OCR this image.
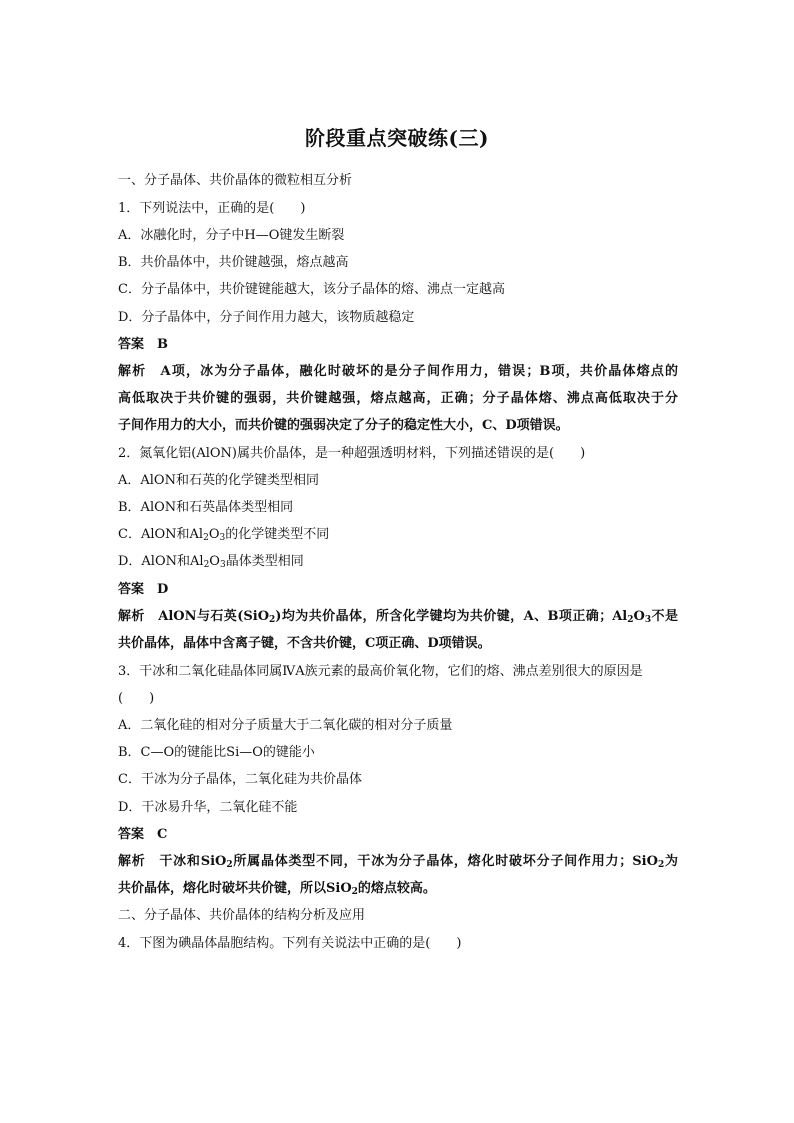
阶段重点突破练(三)
一、分子晶体、共价晶体的微粒相互分析
1．下列说法中，正确的是(　　)
A．冰融化时，分子中H—O键发生断裂
B．共价晶体中，共价键越强，熔点越高
C．分子晶体中，共价键键能越大，该分子晶体的熔、沸点一定越高
D．分子晶体中，分子间作用力越大，该物质越稳定
答案　B
解析　A项，冰为分子晶体，融化时破坏的是分子间作用力，错误；B项，共价晶体熔点的
高低取决于共价键的强弱，共价键越强，熔点越高，正确；分子晶体熔、沸点高低取决于分
子间作用力的大小，而共价键的强弱决定了分子的稳定性大小，C、D项错误。
2．氮氧化铝(AlON)属共价晶体，是一种超强透明材料，下列描述错误的是(　　)
A．AlON和石英的化学键类型相同
B．AlON和石英晶体类型相同
C．AlON和$Al_2O_3$的化学键类型不同
D．AlON和$Al_2O_3$晶体类型相同
答案　D
解析　AlON与石英(SiO$_2$)均为共价晶体，所含化学键均为共价键，A、B项正确；$Al_2O_3$不是
共价晶体，晶体中含离子键，不含共价键，C项正确、D项错误。
3．干冰和二氧化硅晶体同属ⅣA族元素的最高价氧化物，它们的熔、沸点差别很大的原因是
(　　)
A．二氧化硅的相对分子质量大于二氧化碳的相对分子质量
B．C—O的键能比Si—O的键能小
C．干冰为分子晶体，二氧化硅为共价晶体
D．干冰易升华，二氧化硅不能
答案　C
解析　干冰和SiO$_2$所属晶体类型不同，干冰为分子晶体，熔化时破坏分子间作用力；SiO$_2$为
共价晶体，熔化时破坏共价键，所以SiO$_2$的熔点较高。
二、分子晶体、共价晶体的结构分析及应用
4．下图为碘晶体晶胞结构。下列有关说法中正确的是(　　)
